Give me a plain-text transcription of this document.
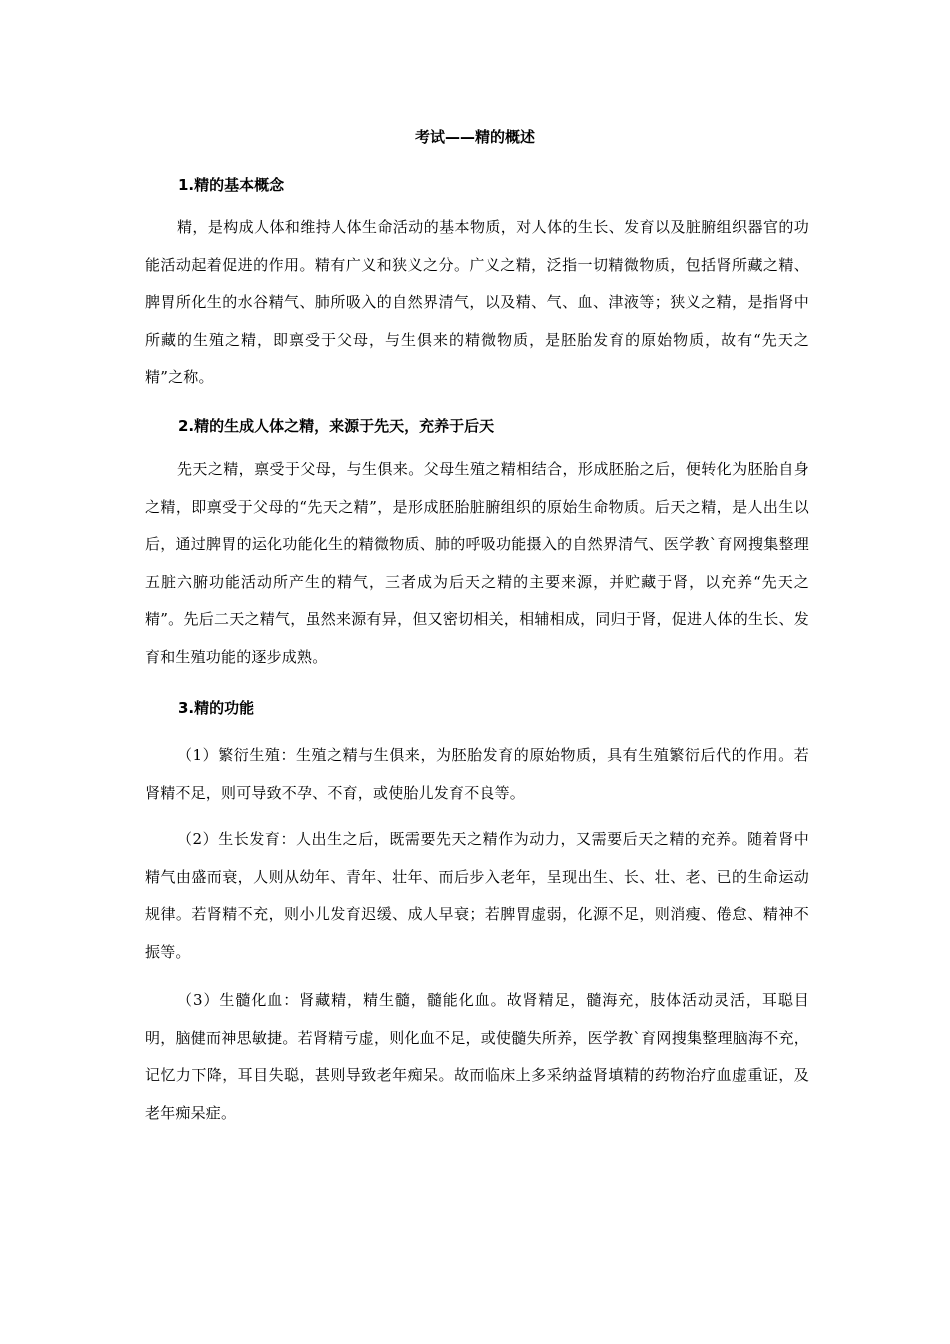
考试——精的概述
1.精的基本概念
精，是构成人体和维持人体生命活动的基本物质，对人体的生长、发育以及脏腑组织器官的功能活动起着促进的作用。精有广义和狭义之分。广义之精，泛指一切精微物质，包括肾所藏之精、脾胃所化生的水谷精气、肺所吸入的自然界清气，以及精、气、血、津液等；狭义之精，是指肾中所藏的生殖之精，即禀受于父母，与生俱来的精微物质，是胚胎发育的原始物质，故有“先天之精”之称。
2.精的生成人体之精，来源于先天，充养于后天
先天之精，禀受于父母，与生俱来。父母生殖之精相结合，形成胚胎之后，便转化为胚胎自身之精，即禀受于父母的“先天之精”，是形成胚胎脏腑组织的原始生命物质。后天之精，是人出生以后，通过脾胃的运化功能化生的精微物质、肺的呼吸功能摄入的自然界清气、医学教`育网搜集整理五脏六腑功能活动所产生的精气，三者成为后天之精的主要来源，并贮藏于肾，以充养“先天之精”。先后二天之精气，虽然来源有异，但又密切相关，相辅相成，同归于肾，促进人体的生长、发育和生殖功能的逐步成熟。
3.精的功能
（1）繁衍生殖：生殖之精与生俱来，为胚胎发育的原始物质，具有生殖繁衍后代的作用。若肾精不足，则可导致不孕、不育，或使胎儿发育不良等。
（2）生长发育：人出生之后，既需要先天之精作为动力，又需要后天之精的充养。随着肾中精气由盛而衰，人则从幼年、青年、壮年、而后步入老年，呈现出生、长、壮、老、已的生命运动规律。若肾精不充，则小儿发育迟缓、成人早衰；若脾胃虚弱，化源不足，则消瘦、倦怠、精神不振等。
（3）生髓化血：肾藏精，精生髓，髓能化血。故肾精足，髓海充，肢体活动灵活，耳聪目明，脑健而神思敏捷。若肾精亏虚，则化血不足，或使髓失所养，医学教`育网搜集整理脑海不充，记忆力下降，耳目失聪，甚则导致老年痴呆。故而临床上多采纳益肾填精的药物治疗血虚重证，及老年痴呆症。
